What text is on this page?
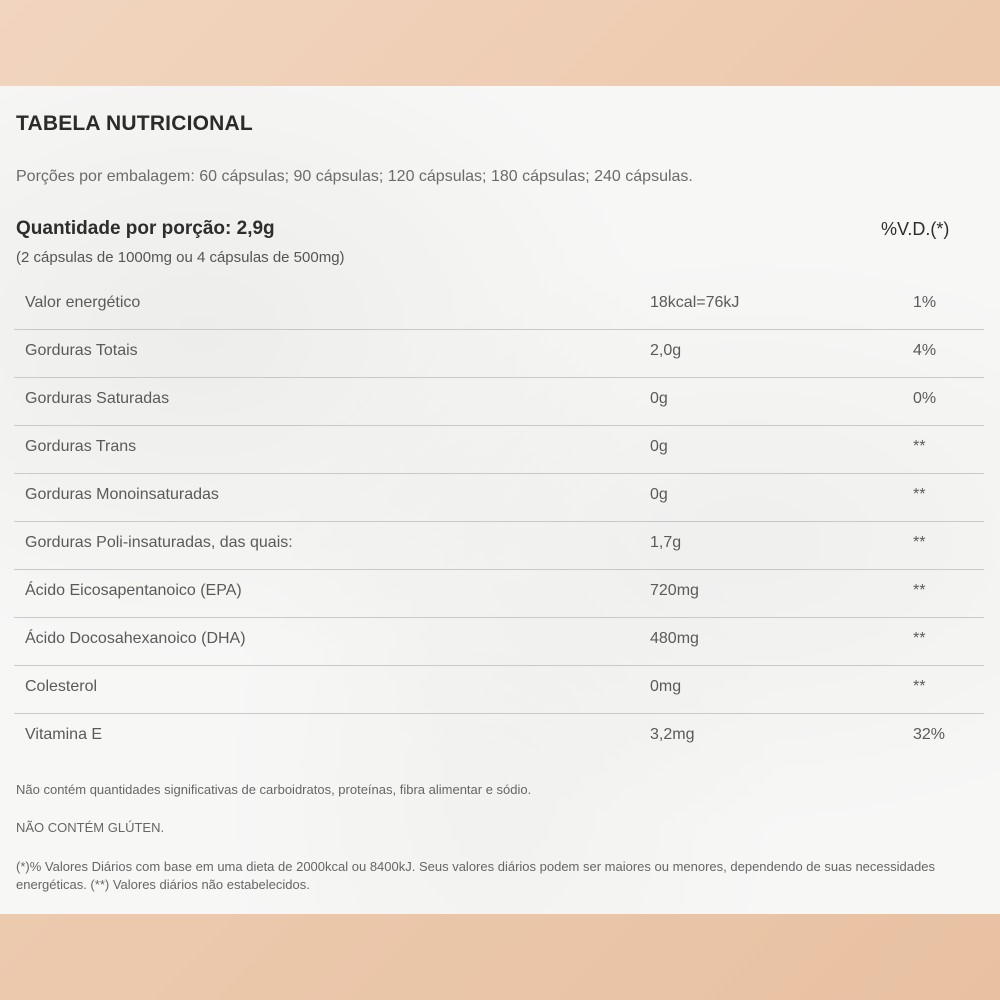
TABELA NUTRICIONAL
Porções por embalagem: 60 cápsulas; 90 cápsulas; 120 cápsulas; 180 cápsulas; 240 cápsulas.
Quantidade por porção: 2,9g
(2 cápsulas de 1000mg ou 4 cápsulas de 500mg)
%V.D.(*)
Valor energético	18kcal=76kJ	1%
Gorduras Totais	2,0g	4%
Gorduras Saturadas	0g	0%
Gorduras Trans	0g	**
Gorduras Monoinsaturadas	0g	**
Gorduras Poli-insaturadas, das quais:	1,7g	**
Ácido Eicosapentanoico (EPA)	720mg	**
Ácido Docosahexanoico (DHA)	480mg	**
Colesterol	0mg	**
Vitamina E	3,2mg	32%
Não contém quantidades significativas de carboidratos, proteínas, fibra alimentar e sódio.
NÃO CONTÉM GLÚTEN.
(*)% Valores Diários com base em uma dieta de 2000kcal ou 8400kJ. Seus valores diários podem ser maiores ou menores, dependendo de suas necessidades energéticas. (**) Valores diários não estabelecidos.
